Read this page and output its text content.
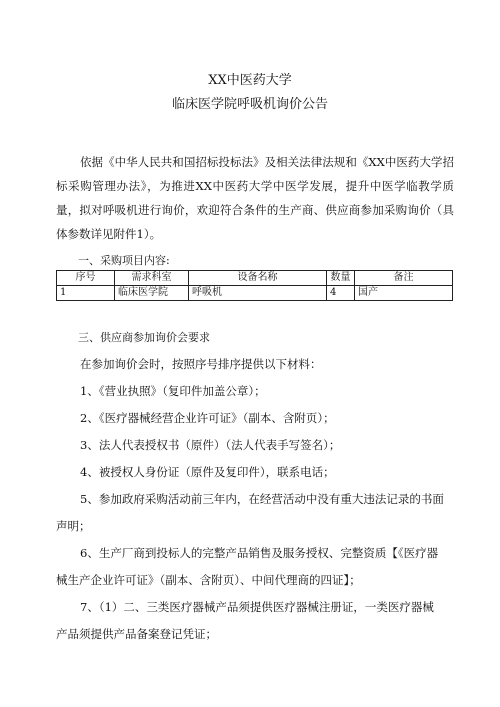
XX中医药大学
临床医学院呼吸机询价公告
依据《中华人民共和国招标投标法》及相关法律法规和《XX中医药大学招标采购管理办法》，为推进XX中医药大学中医学发展，提升中医学临教学质量，拟对呼吸机进行询价，欢迎符合条件的生产商、供应商参加采购询价（具体参数详见附件1）。
一、采购项目内容:
序号	需求科室	设备名称	数量	备注
1	临床医学院	呼吸机	4	国产
三、供应商参加询价会要求
在参加询价会时，按照序号排序提供以下材料：
1、《营业执照》（复印件加盖公章）；
2、《医疗器械经营企业许可证》（副本、含附页）；
3、法人代表授权书（原件）（法人代表手写签名）；
4、被授权人身份证（原件及复印件），联系电话；
5、参加政府采购活动前三年内，在经营活动中没有重大违法记录的书面
声明；
6、生产厂商到投标人的完整产品销售及服务授权、完整资质【《医疗器
械生产企业许可证》（副本、含附页）、中间代理商的四证】；
7、（1）二、三类医疗器械产品须提供医疗器械注册证，一类医疗器械
产品须提供产品备案登记凭证；
